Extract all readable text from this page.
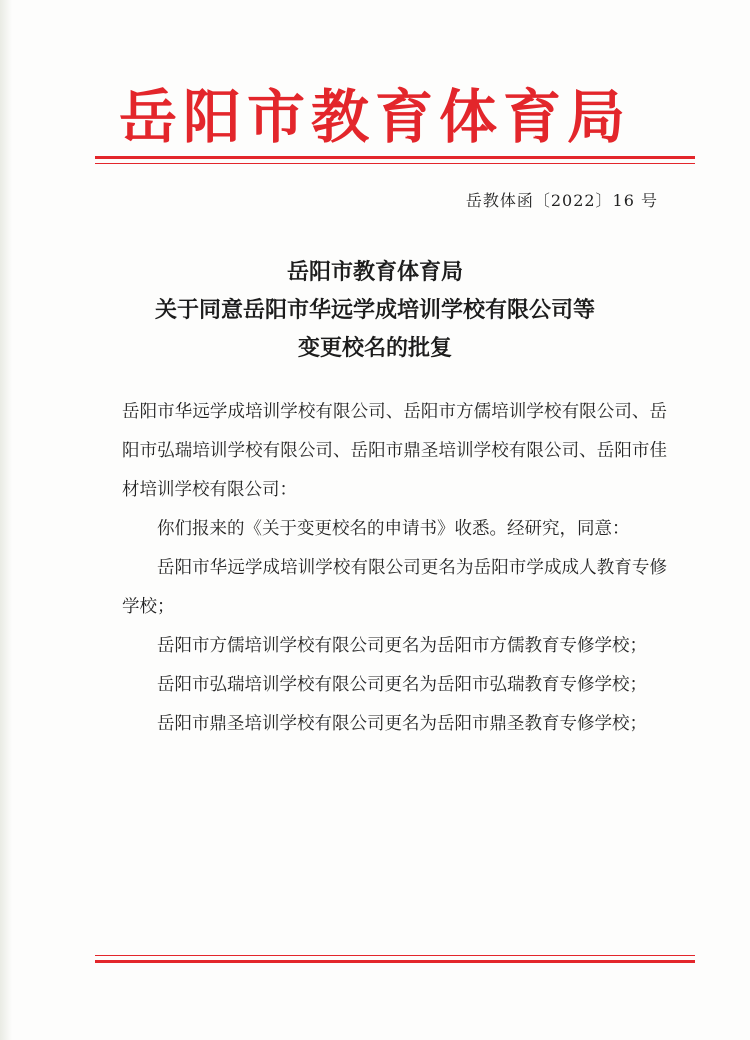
岳阳市教育体育局
岳教体函〔2022〕16 号
岳阳市教育体育局
关于同意岳阳市华远学成培训学校有限公司等
变更校名的批复

岳阳市华远学成培训学校有限公司、岳阳市方儒培训学校有限公司、岳阳市弘瑞培训学校有限公司、岳阳市鼎圣培训学校有限公司、岳阳市佳材培训学校有限公司：

你们报来的《关于变更校名的申请书》收悉。经研究，同意：

岳阳市华远学成培训学校有限公司更名为岳阳市学成成人教育专修学校；

岳阳市方儒培训学校有限公司更名为岳阳市方儒教育专修学校；

岳阳市弘瑞培训学校有限公司更名为岳阳市弘瑞教育专修学校；

岳阳市鼎圣培训学校有限公司更名为岳阳市鼎圣教育专修学校；
